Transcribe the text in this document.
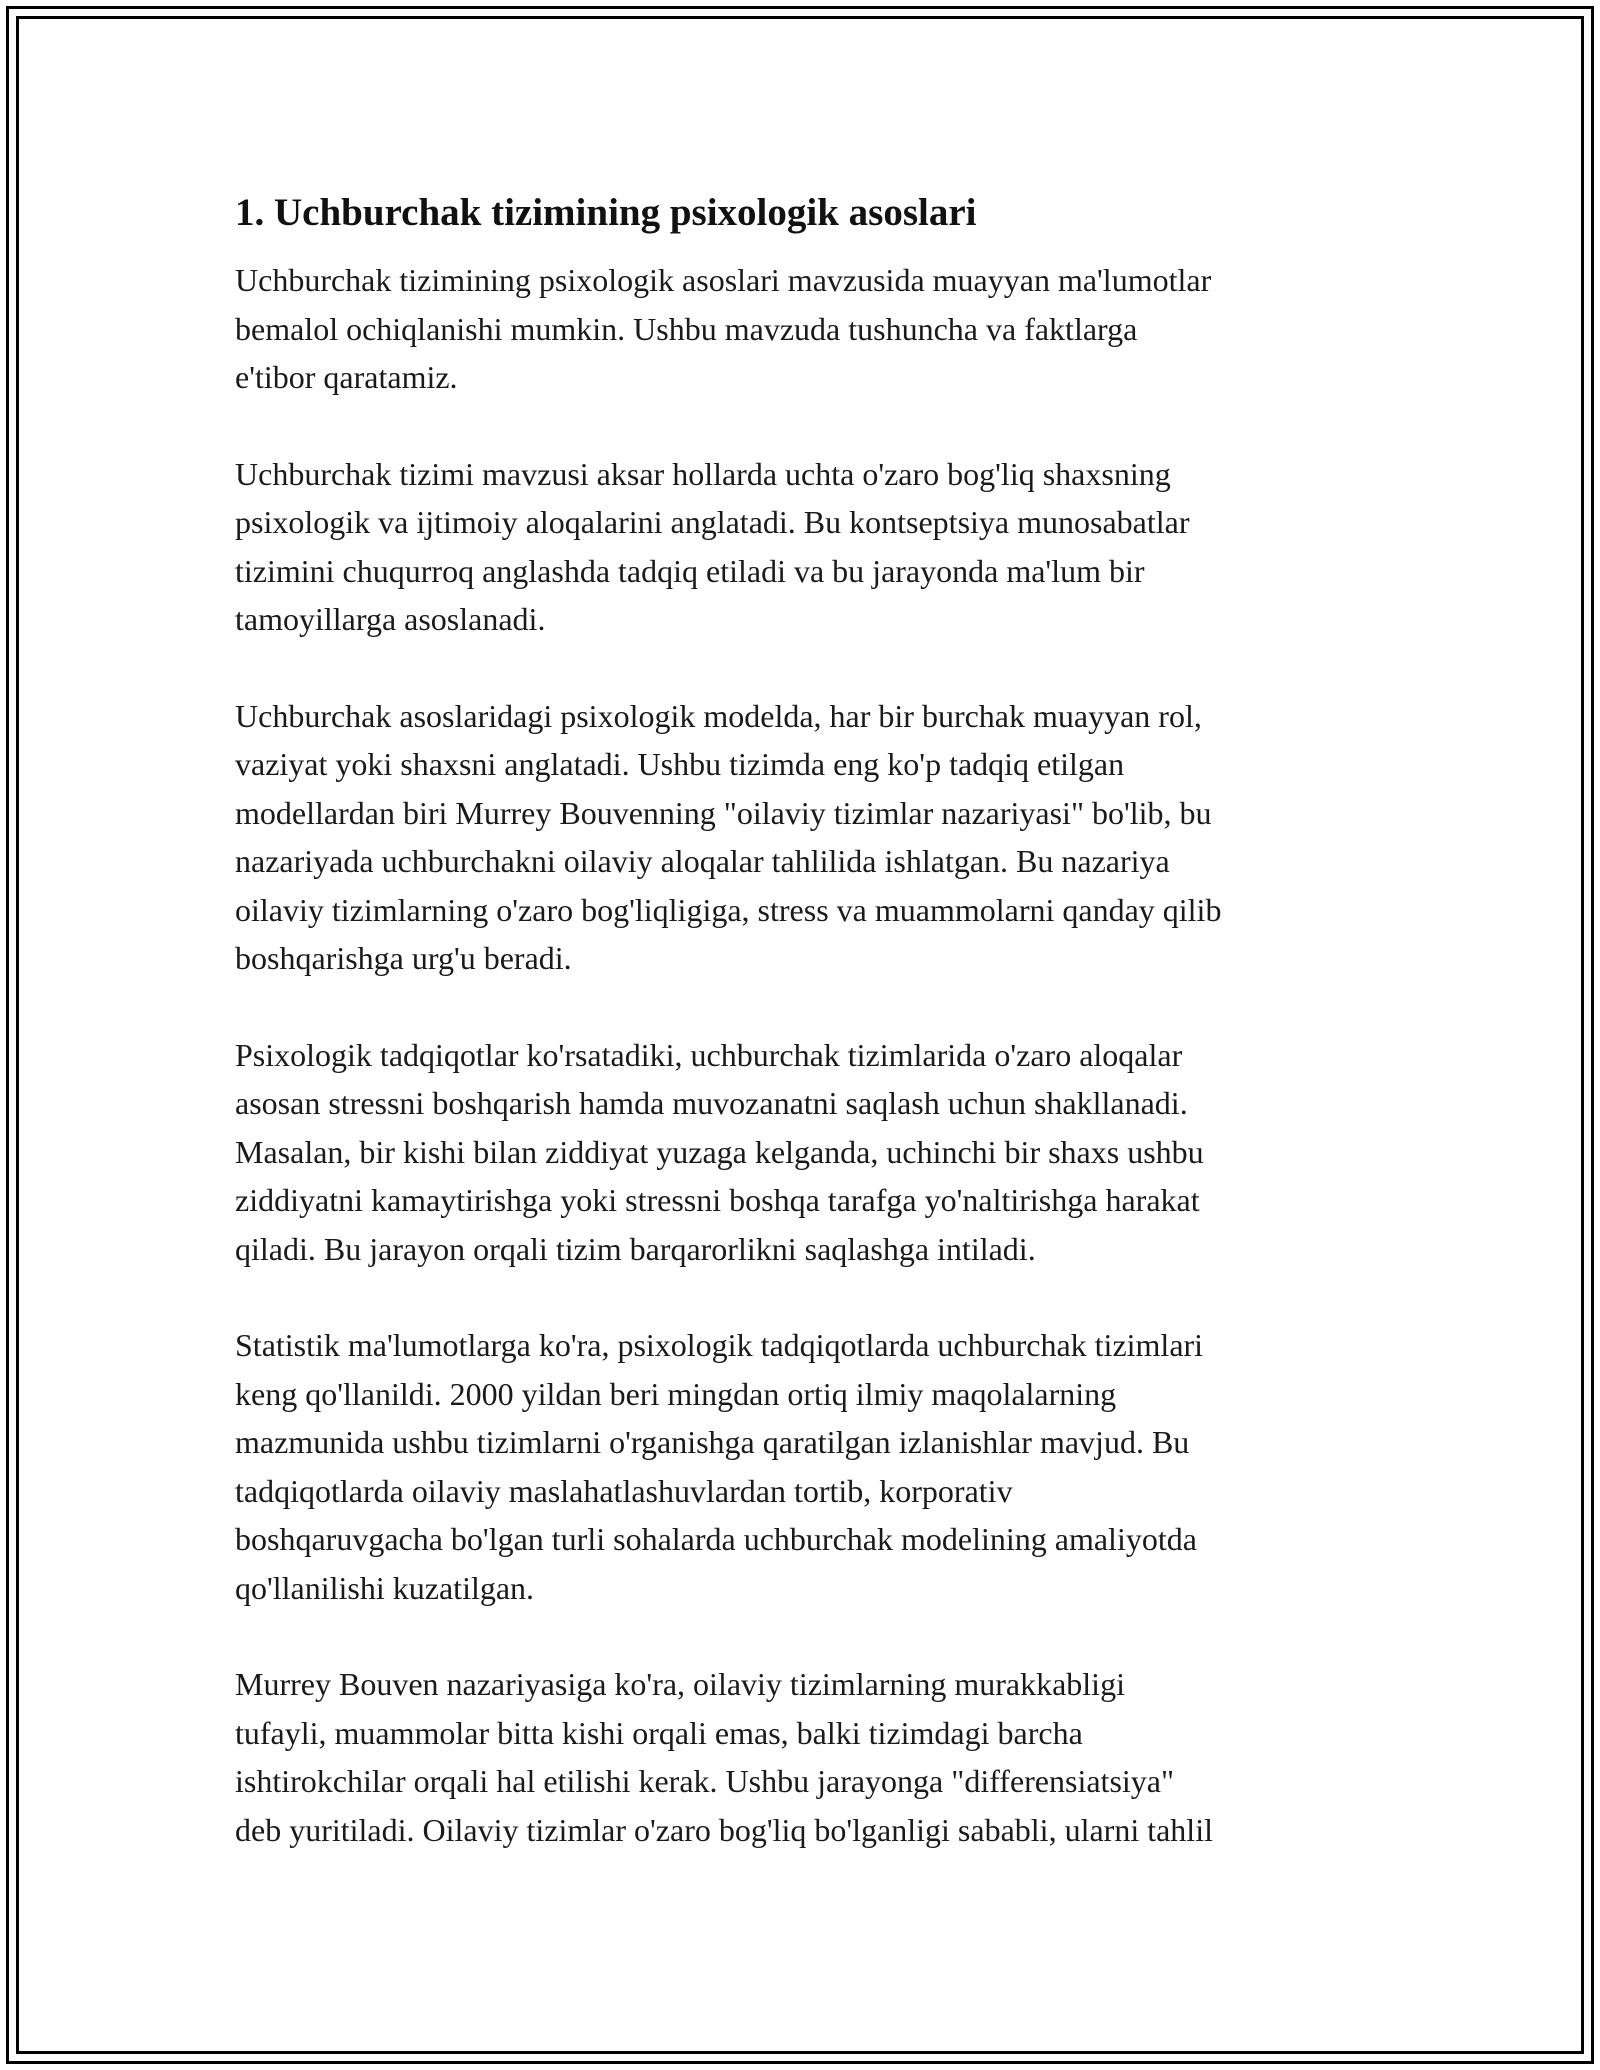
1. Uchburchak tizimining psixologik asoslari

Uchburchak tizimining psixologik asoslari mavzusida muayyan ma'lumotlar
bemalol ochiqlanishi mumkin. Ushbu mavzuda tushuncha va faktlarga
e'tibor qaratamiz.

Uchburchak tizimi mavzusi aksar hollarda uchta o'zaro bog'liq shaxsning
psixologik va ijtimoiy aloqalarini anglatadi. Bu kontseptsiya munosabatlar
tizimini chuqurroq anglashda tadqiq etiladi va bu jarayonda ma'lum bir
tamoyillarga asoslanadi.

Uchburchak asoslaridagi psixologik modelda, har bir burchak muayyan rol,
vaziyat yoki shaxsni anglatadi. Ushbu tizimda eng ko'p tadqiq etilgan
modellardan biri Murrey Bouvenning "oilaviy tizimlar nazariyasi" bo'lib, bu
nazariyada uchburchakni oilaviy aloqalar tahlilida ishlatgan. Bu nazariya
oilaviy tizimlarning o'zaro bog'liqligiga, stress va muammolarni qanday qilib
boshqarishga urg'u beradi.

Psixologik tadqiqotlar ko'rsatadiki, uchburchak tizimlarida o'zaro aloqalar
asosan stressni boshqarish hamda muvozanatni saqlash uchun shakllanadi.
Masalan, bir kishi bilan ziddiyat yuzaga kelganda, uchinchi bir shaxs ushbu
ziddiyatni kamaytirishga yoki stressni boshqa tarafga yo'naltirishga harakat
qiladi. Bu jarayon orqali tizim barqarorlikni saqlashga intiladi.

Statistik ma'lumotlarga ko'ra, psixologik tadqiqotlarda uchburchak tizimlari
keng qo'llanildi. 2000 yildan beri mingdan ortiq ilmiy maqolalarning
mazmunida ushbu tizimlarni o'rganishga qaratilgan izlanishlar mavjud. Bu
tadqiqotlarda oilaviy maslahatlashuvlardan tortib, korporativ
boshqaruvgacha bo'lgan turli sohalarda uchburchak modelining amaliyotda
qo'llanilishi kuzatilgan.

Murrey Bouven nazariyasiga ko'ra, oilaviy tizimlarning murakkabligi
tufayli, muammolar bitta kishi orqali emas, balki tizimdagi barcha
ishtirokchilar orqali hal etilishi kerak. Ushbu jarayonga "differensiatsiya"
deb yuritiladi. Oilaviy tizimlar o'zaro bog'liq bo'lganligi sababli, ularni tahlil
